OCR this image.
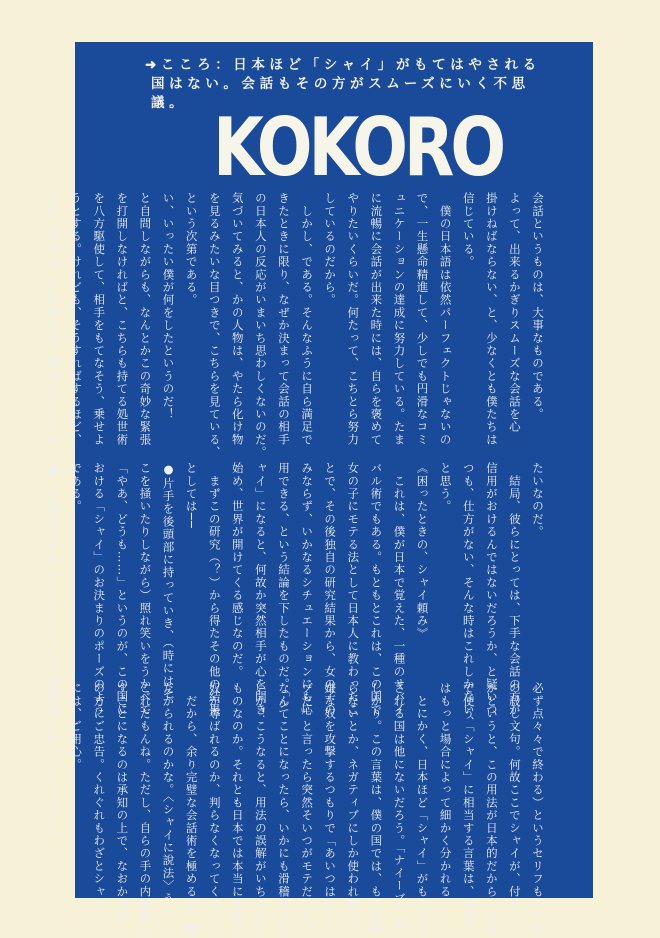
➜こころ：日本ほど「シャイ」がもてはやされる
国はない。会話もその方がスムーズにいく不思議。 KOKORO
会話というものは、大事なものである。
よって、出来るかぎりスムーズな会話を心
掛けねばならない、と、少なくとも僕たちは
信じている。
　僕の日本語は依然パーフェクトじゃないの
で、一生懸命精進して、少しでも円滑なコミ
ュニケーションの達成に努力している。たま
に流暢に会話が出来た時には、自らを褒めて
やりたいくらいだ。何たって、こちとら努力
しているのだから。
　しかし、である。そんなふうに自ら満足で
きたときに限り、なぜか決まって会話の相手
の日本人の反応がいまいち思わしくないのだ。
気づいてみると、かの人物は、やたら化け物
を見るみたいな目つきで、こちらを見ている、
という次第である。
い、いったい僕が何をしたというのだ！
と自問しながらも、なんとかこの奇妙な緊張
を打開しなければと、こちらも持てる処世術
を八方駆使して、相手をもてなそう、乗せよ
うとする。けれども、そうすればするほど、
余計に相手は、その殻を堅く閉ざしていくみ
たいなのだ。
　結局、彼らにとっては、下手な会話の方が
信用がおけるんではないだろうか、と疑いつ
つも、仕方がない、そんな時はこれしかない、
と思う。
《困ったときの、シャイ頼み》
　これは、僕が日本で覚えた、一種のサバイ
バル術でもある。もともとこれは、この国で
女の子にモテる法として日本人に教わったこ
とで、その後独自の研究結果から、女の子の
みならず、いかなるシチュエーションにも応
用できる、という結論を下したものだ。「シ
ャイ」になると、何故か突然相手が心を開き
始め、世界が開けてくる感じなのだ。
　まずこの研究（？）から得たその他の結果
としては──
●片手を後頭部に持っていき、（時にはそ
こを掻いたりしながら）照れ笑いをうかべて
「やあ、どうも……」というのが、この国に
おける「シャイ」のお決まりのポーズのよう
である。
●「不器用ですから……」（こうして最後は
必ず点々々で終わる）というセリフも、不変
の殺し文句。何故ここでシャイが、付き
かというと、この用法が日本的だから。日本
で使う「シャイ」に相当する言葉は、英語で
はもっと場合によって細かく分かれる。
　とにかく、日本ほど「シャイ」がもてはや
される国は他にないだろう。「ナイーブ」も
しかり。この言葉は、僕の国では、ものを知
らないとか、ネガティブにしか使われない。
嫌な奴を攻撃するつもりで「あいつはナイー
ブだ」と言ったら突然そいつがモテだした。
なんてことになったら、いかにも滑稽じゃな
いか！こうなると、用法の誤解がいちばんな
ものなのか。それとも日本では本当に未熟な
奴か尊ばれるのか、判らなくなってくる。
　だから、余り完璧な会話術を極めると、嫌
たがられるのかな。〈シャイに說法〉うん。
これだもんね。ただし、自らの手の内を明か
すことになるのは承知の上で、なおかつ在
の方にご忠告。くれぐれもわざとシャイ
には、ご用心。
（スペンサー・ノイスリー）
